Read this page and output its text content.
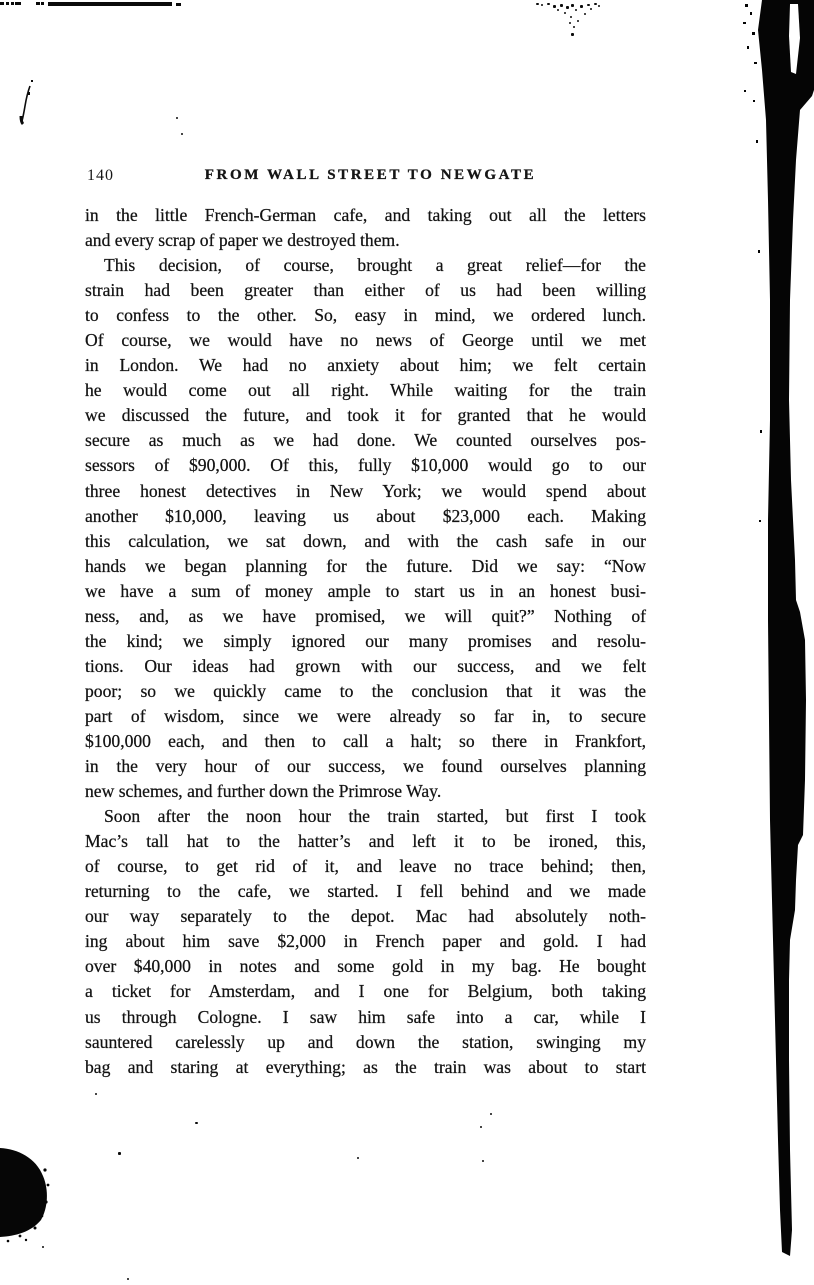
140	FROM WALL STREET TO NEWGATE
in the little French-German cafe, and taking out all the letters
and every scrap of paper we destroyed them.
This decision, of course, brought a great relief—for the
strain had been greater than either of us had been willing
to confess to the other. So, easy in mind, we ordered lunch.
Of course, we would have no news of George until we met
in London. We had no anxiety about him; we felt certain
he would come out all right. While waiting for the train
we discussed the future, and took it for granted that he would
secure as much as we had done. We counted ourselves pos-
sessors of $90,000. Of this, fully $10,000 would go to our
three honest detectives in New York; we would spend about
another $10,000, leaving us about $23,000 each. Making
this calculation, we sat down, and with the cash safe in our
hands we began planning for the future. Did we say: “Now
we have a sum of money ample to start us in an honest busi-
ness, and, as we have promised, we will quit?” Nothing of
the kind; we simply ignored our many promises and resolu-
tions. Our ideas had grown with our success, and we felt
poor; so we quickly came to the conclusion that it was the
part of wisdom, since we were already so far in, to secure
$100,000 each, and then to call a halt; so there in Frankfort,
in the very hour of our success, we found ourselves planning
new schemes, and further down the Primrose Way.
Soon after the noon hour the train started, but first I took
Mac’s tall hat to the hatter’s and left it to be ironed, this,
of course, to get rid of it, and leave no trace behind; then,
returning to the cafe, we started. I fell behind and we made
our way separately to the depot. Mac had absolutely noth-
ing about him save $2,000 in French paper and gold. I had
over $40,000 in notes and some gold in my bag. He bought
a ticket for Amsterdam, and I one for Belgium, both taking
us through Cologne. I saw him safe into a car, while I
sauntered carelessly up and down the station, swinging my
bag and staring at everything; as the train was about to start
